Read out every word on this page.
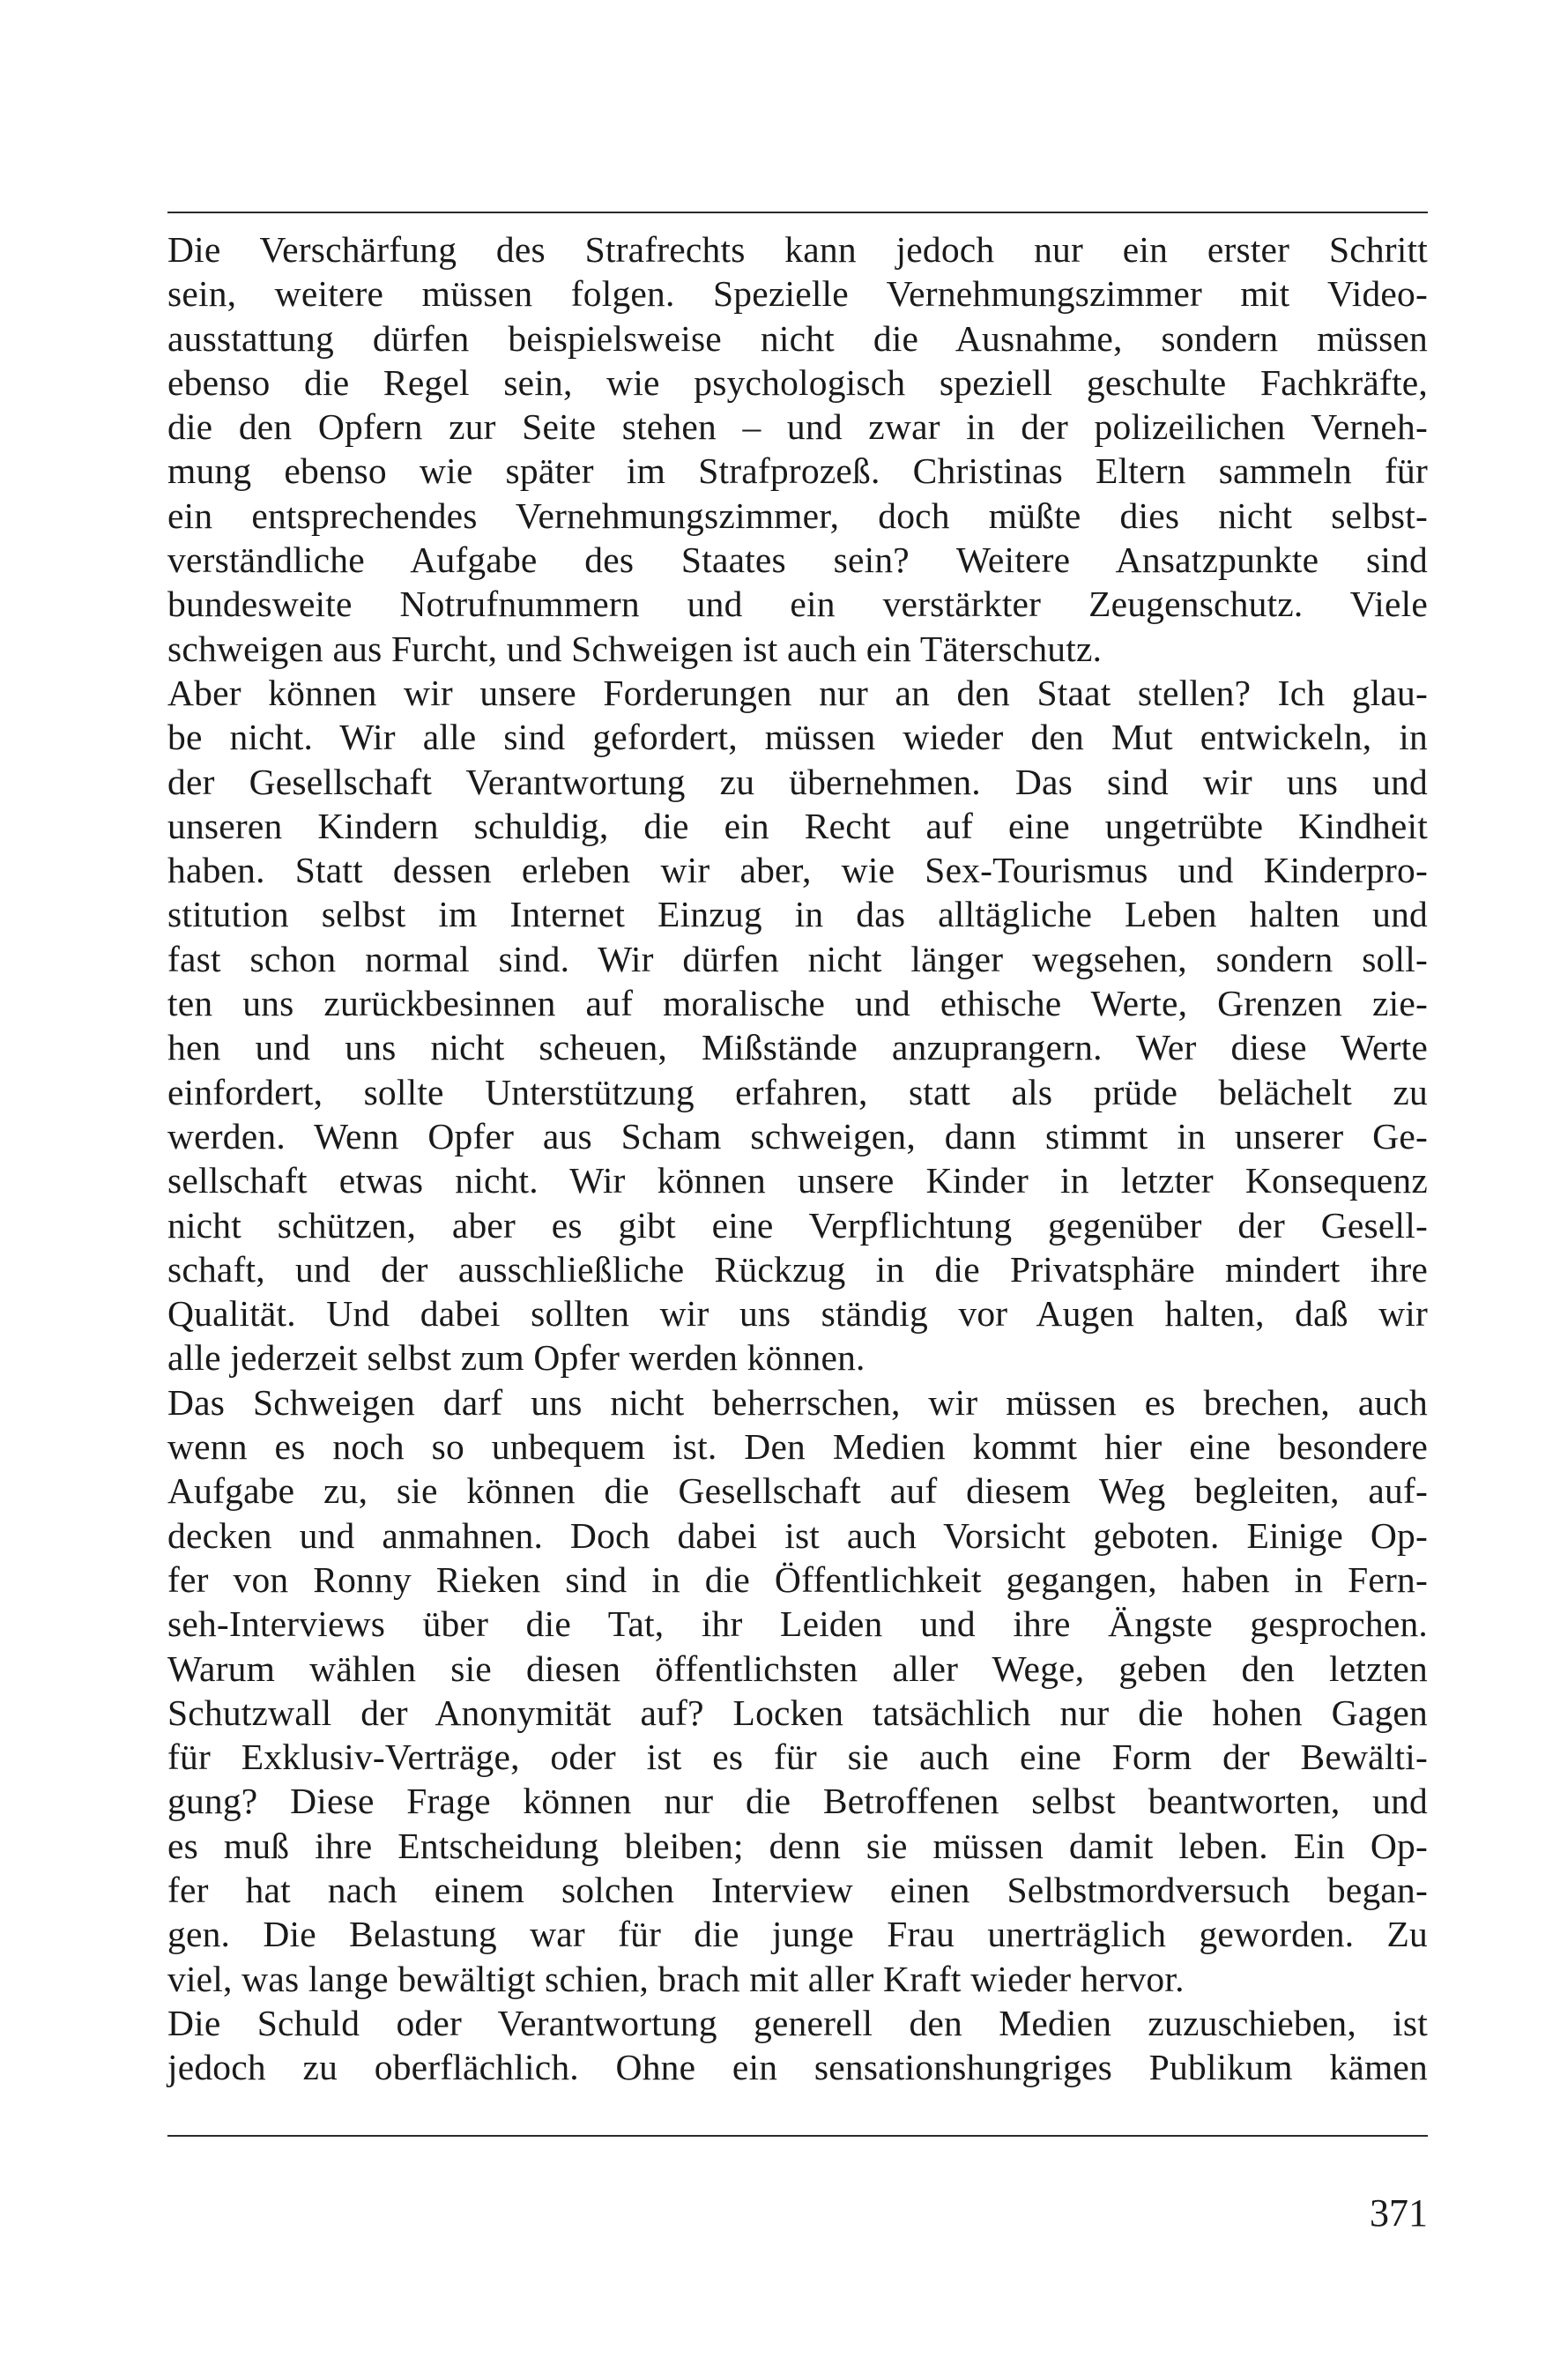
Die Verschärfung des Strafrechts kann jedoch nur ein erster Schritt
sein, weitere müssen folgen. Spezielle Vernehmungszimmer mit Video-
ausstattung dürfen beispielsweise nicht die Ausnahme, sondern müssen
ebenso die Regel sein, wie psychologisch speziell geschulte Fachkräfte,
die den Opfern zur Seite stehen – und zwar in der polizeilichen Verneh-
mung ebenso wie später im Strafprozeß. Christinas Eltern sammeln für
ein entsprechendes Vernehmungszimmer, doch müßte dies nicht selbst-
verständliche Aufgabe des Staates sein? Weitere Ansatzpunkte sind
bundesweite Notrufnummern und ein verstärkter Zeugenschutz. Viele
schweigen aus Furcht, und Schweigen ist auch ein Täterschutz.
Aber können wir unsere Forderungen nur an den Staat stellen? Ich glau-
be nicht. Wir alle sind gefordert, müssen wieder den Mut entwickeln, in
der Gesellschaft Verantwortung zu übernehmen. Das sind wir uns und
unseren Kindern schuldig, die ein Recht auf eine ungetrübte Kindheit
haben. Statt dessen erleben wir aber, wie Sex-Tourismus und Kinderpro-
stitution selbst im Internet Einzug in das alltägliche Leben halten und
fast schon normal sind. Wir dürfen nicht länger wegsehen, sondern soll-
ten uns zurückbesinnen auf moralische und ethische Werte, Grenzen zie-
hen und uns nicht scheuen, Mißstände anzuprangern. Wer diese Werte
einfordert, sollte Unterstützung erfahren, statt als prüde belächelt zu
werden. Wenn Opfer aus Scham schweigen, dann stimmt in unserer Ge-
sellschaft etwas nicht. Wir können unsere Kinder in letzter Konsequenz
nicht schützen, aber es gibt eine Verpflichtung gegenüber der Gesell-
schaft, und der ausschließliche Rückzug in die Privatsphäre mindert ihre
Qualität. Und dabei sollten wir uns ständig vor Augen halten, daß wir
alle jederzeit selbst zum Opfer werden können.
Das Schweigen darf uns nicht beherrschen, wir müssen es brechen, auch
wenn es noch so unbequem ist. Den Medien kommt hier eine besondere
Aufgabe zu, sie können die Gesellschaft auf diesem Weg begleiten, auf-
decken und anmahnen. Doch dabei ist auch Vorsicht geboten. Einige Op-
fer von Ronny Rieken sind in die Öffentlichkeit gegangen, haben in Fern-
seh-Interviews über die Tat, ihr Leiden und ihre Ängste gesprochen.
Warum wählen sie diesen öffentlichsten aller Wege, geben den letzten
Schutzwall der Anonymität auf? Locken tatsächlich nur die hohen Gagen
für Exklusiv-Verträge, oder ist es für sie auch eine Form der Bewälti-
gung? Diese Frage können nur die Betroffenen selbst beantworten, und
es muß ihre Entscheidung bleiben; denn sie müssen damit leben. Ein Op-
fer hat nach einem solchen Interview einen Selbstmordversuch began-
gen. Die Belastung war für die junge Frau unerträglich geworden. Zu
viel, was lange bewältigt schien, brach mit aller Kraft wieder hervor.
Die Schuld oder Verantwortung generell den Medien zuzuschieben, ist
jedoch zu oberflächlich. Ohne ein sensationshungriges Publikum kämen
371
